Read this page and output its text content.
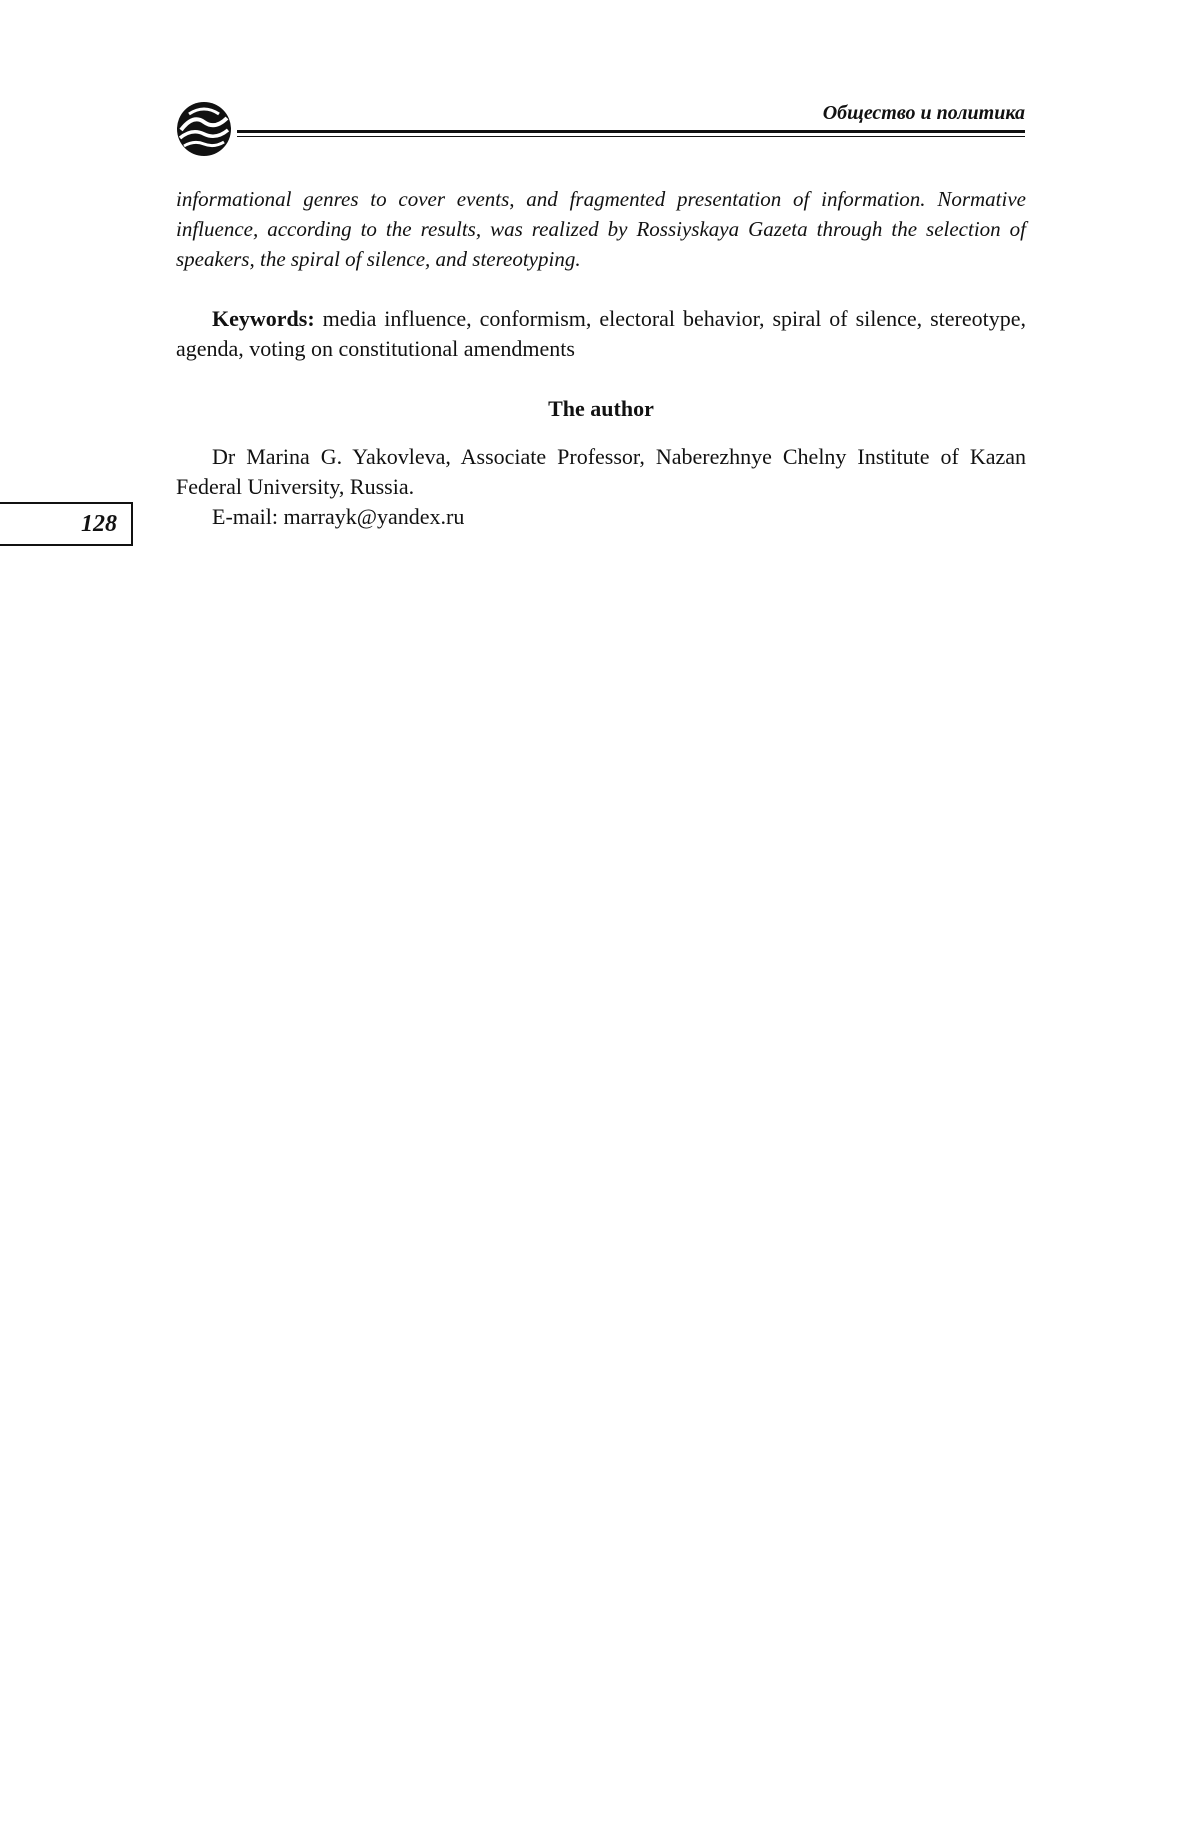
Общество и политика
128

informational genres to cover events, and fragmented presentation of information. Normative influence, according to the results, was realized by Rossiyskaya Gazeta through the selection of speakers, the spiral of silence, and stereotyping.

Keywords: media influence, conformism, electoral behavior, spiral of silence, stereotype, agenda, voting on constitutional amendments

The author

Dr Marina G. Yakovleva, Associate Professor, Naberezhnye Chelny Institute of Kazan Federal University, Russia.

E-mail: marrayk@yandex.ru
